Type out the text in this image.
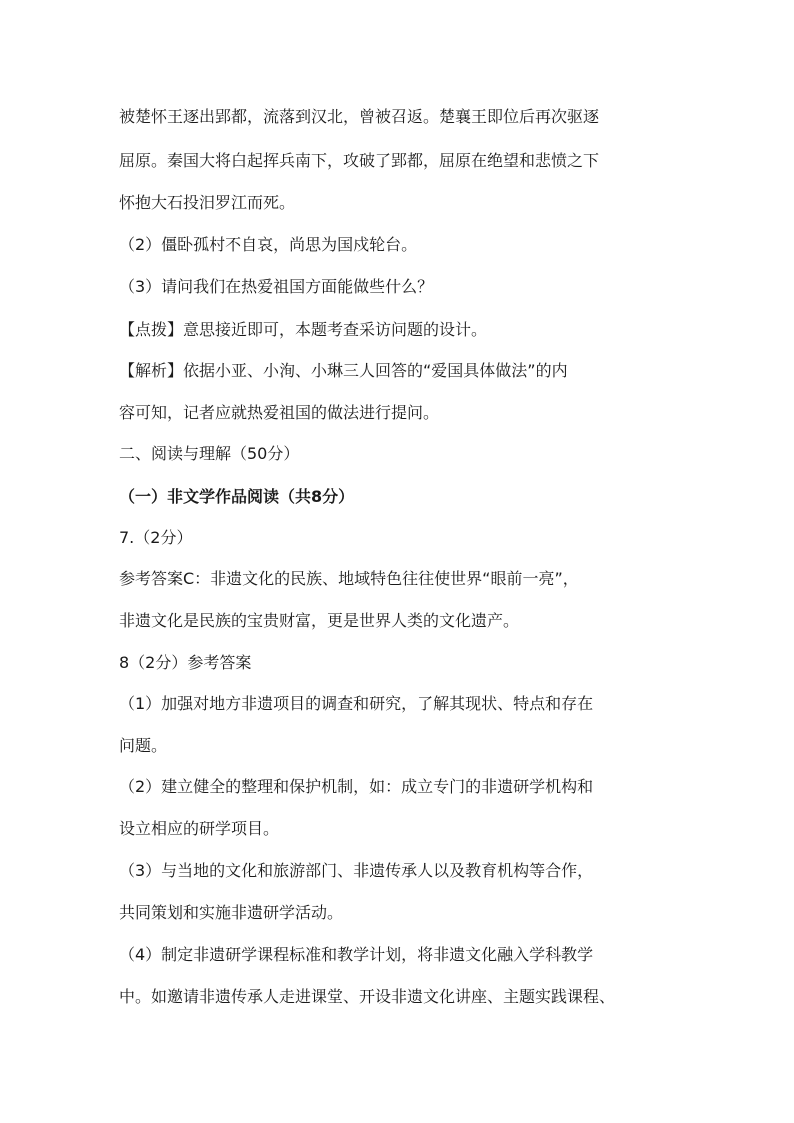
被楚怀王逐出郢都，流落到汉北，曾被召返。楚襄王即位后再次驱逐
屈原。秦国大将白起挥兵南下，攻破了郢都，屈原在绝望和悲愤之下
怀抱大石投汨罗江而死。
（2）僵卧孤村不自哀，尚思为国戍轮台。
（3）请问我们在热爱祖国方面能做些什么？
【点拨】意思接近即可，本题考查采访问题的设计。
【解析】依据小亚、小洵、小琳三人回答的“爱国具体做法”的内
容可知，记者应就热爱祖国的做法进行提问。
二、阅读与理解（50分）
（一）非文学作品阅读（共8分）
7.（2分）
参考答案C：非遗文化的民族、地域特色往往使世界“眼前一亮”，
非遗文化是民族的宝贵财富，更是世界人类的文化遗产。
8（2分）参考答案
（1）加强对地方非遗项目的调查和研究，了解其现状、特点和存在
问题。
（2）建立健全的整理和保护机制，如：成立专门的非遗研学机构和
设立相应的研学项目。
（3）与当地的文化和旅游部门、非遗传承人以及教育机构等合作，
共同策划和实施非遗研学活动。
（4）制定非遗研学课程标准和教学计划，将非遗文化融入学科教学
中。如邀请非遗传承人走进课堂、开设非遗文化讲座、主题实践课程、
